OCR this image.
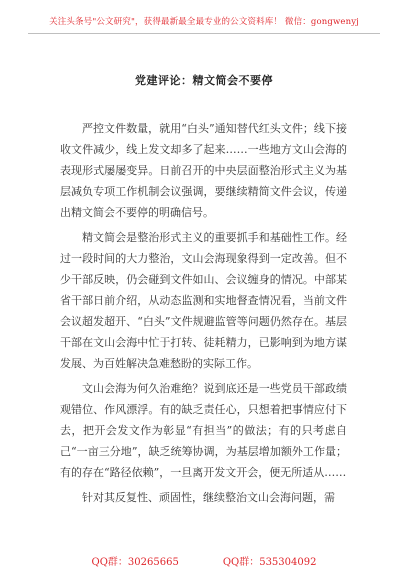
关注头条号"公文研究"，获得最新最全最专业的公文资料库！ 微信：gongwenyj
党建评论：精文简会不要停

严控文件数量，就用“白头”通知替代红头文件；线下接收文件减少，线上发文却多了起来……一些地方文山会海的表现形式屡屡变异。日前召开的中央层面整治形式主义为基层减负专项工作机制会议强调，要继续精简文件会议，传递出精文简会不要停的明确信号。

精文简会是整治形式主义的重要抓手和基础性工作。经过一段时间的大力整治，文山会海现象得到一定改善。但不少干部反映，仍会碰到文件如山、会议缠身的情况。中部某省干部日前介绍，从动态监测和实地督查情况看，当前文件会议超发超开、“白头”文件规避监管等问题仍然存在。基层干部在文山会海中忙于打转、徒耗精力，已影响到为地方谋发展、为百姓解决急难愁盼的实际工作。

文山会海为何久治难绝？说到底还是一些党员干部政绩观错位、作风漂浮。有的缺乏责任心，只想着把事情应付下去，把开会发文作为彰显“有担当”的做法；有的只考虑自己“一亩三分地”，缺乏统筹协调，为基层增加额外工作量；有的存在“路径依赖”，一旦离开发文开会，便无所适从……

针对其反复性、顽固性，继续整治文山会海问题，需

QQ群：30265665	QQ群：535304092
